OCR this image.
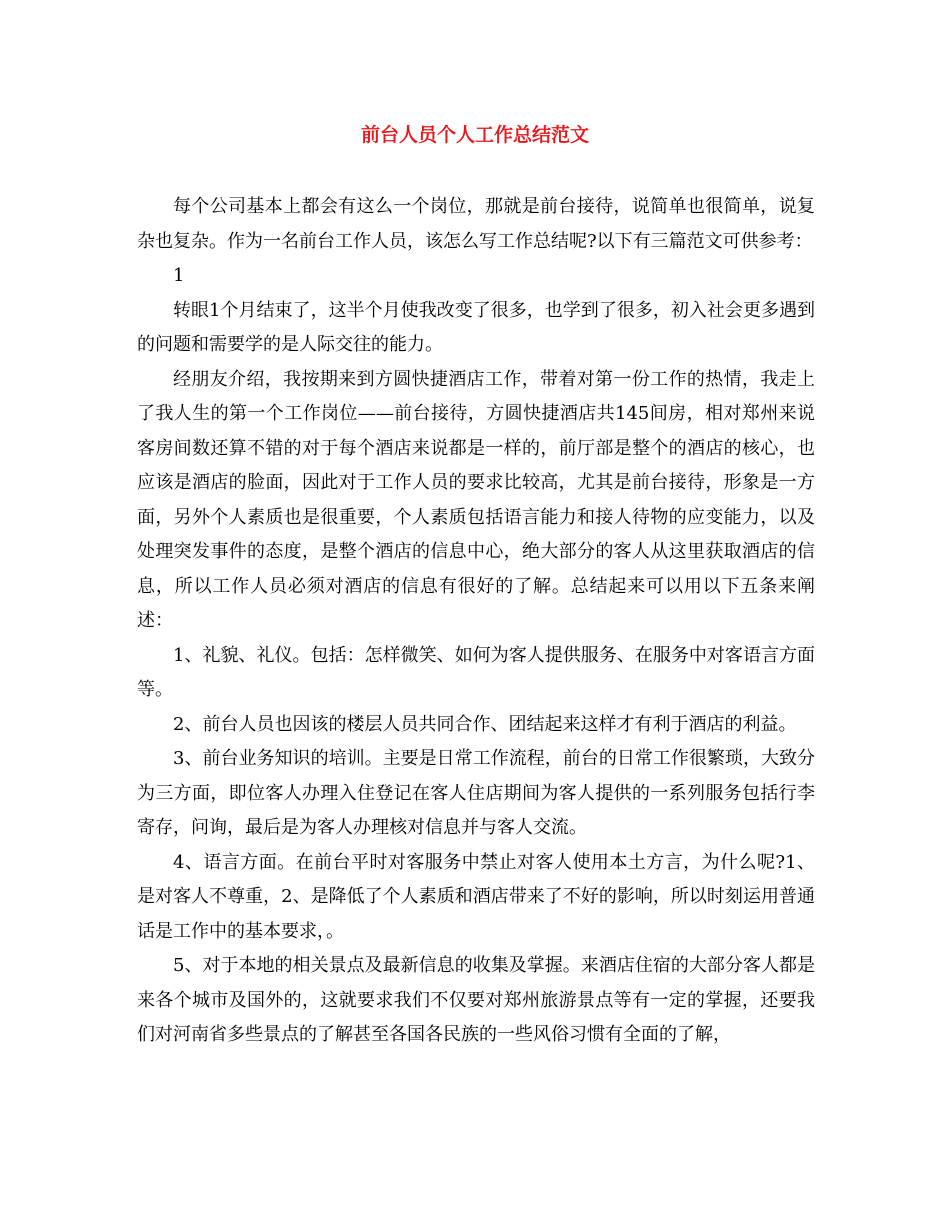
前台人员个人工作总结范文

每个公司基本上都会有这么一个岗位，那就是前台接待，说简单也很简单，说复杂也复杂。作为一名前台工作人员，该怎么写工作总结呢?以下有三篇范文可供参考：

1

转眼1个月结束了，这半个月使我改变了很多，也学到了很多，初入社会更多遇到的问题和需要学的是人际交往的能力。

经朋友介绍，我按期来到方圆快捷酒店工作，带着对第一份工作的热情，我走上了我人生的第一个工作岗位——前台接待，方圆快捷酒店共145间房，相对郑州来说客房间数还算不错的对于每个酒店来说都是一样的，前厅部是整个的酒店的核心，也应该是酒店的脸面，因此对于工作人员的要求比较高，尤其是前台接待，形象是一方面，另外个人素质也是很重要，个人素质包括语言能力和接人待物的应变能力，以及处理突发事件的态度，是整个酒店的信息中心，绝大部分的客人从这里获取酒店的信息，所以工作人员必须对酒店的信息有很好的了解。总结起来可以用以下五条来阐述：

1、礼貌、礼仪。包括：怎样微笑、如何为客人提供服务、在服务中对客语言方面等。

2、前台人员也因该的楼层人员共同合作、团结起来这样才有利于酒店的利益。

3、前台业务知识的培训。主要是日常工作流程，前台的日常工作很繁琐，大致分为三方面，即位客人办理入住登记在客人住店期间为客人提供的一系列服务包括行李寄存，问询，最后是为客人办理核对信息并与客人交流。

4、语言方面。在前台平时对客服务中禁止对客人使用本土方言，为什么呢?1、是对客人不尊重，2、是降低了个人素质和酒店带来了不好的影响，所以时刻运用普通话是工作中的基本要求，。

5、对于本地的相关景点及最新信息的收集及掌握。来酒店住宿的大部分客人都是来各个城市及国外的，这就要求我们不仅要对郑州旅游景点等有一定的掌握，还要我们对河南省多些景点的了解甚至各国各民族的一些风俗习惯有全面的了解，
